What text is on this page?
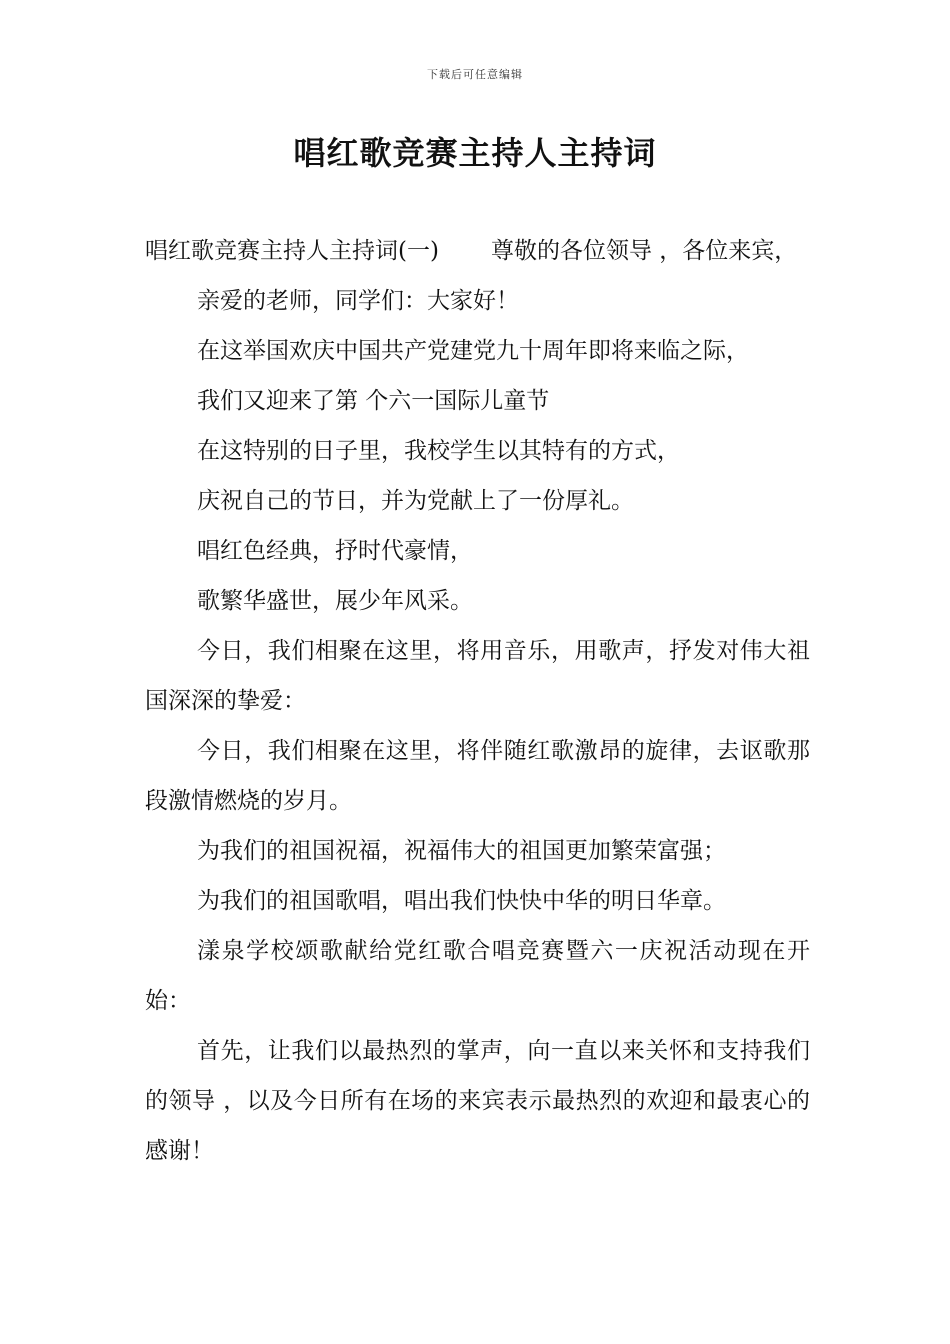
下载后可任意编辑
唱红歌竞赛主持人主持词

唱红歌竞赛主持人主持词(一) 尊敬的各位领导 ，各位来宾，

亲爱的老师，同学们：大家好！

在这举国欢庆中国共产党建党九十周年即将来临之际，

我们又迎来了第 个六一国际儿童节

在这特别的日子里，我校学生以其特有的方式，

庆祝自己的节日，并为党献上了一份厚礼。

唱红色经典，抒时代豪情，

歌繁华盛世，展少年风采。

今日，我们相聚在这里，将用音乐，用歌声，抒发对伟大祖国深深的挚爱：

今日，我们相聚在这里，将伴随红歌激昂的旋律，去讴歌那段激情燃烧的岁月。

为我们的祖国祝福，祝福伟大的祖国更加繁荣富强；

为我们的祖国歌唱，唱出我们快快中华的明日华章。

漾泉学校颂歌献给党红歌合唱竞赛暨六一庆祝活动现在开始：

首先，让我们以最热烈的掌声，向一直以来关怀和支持我们的领导 ，以及今日所有在场的来宾表示最热烈的欢迎和最衷心的感谢！
